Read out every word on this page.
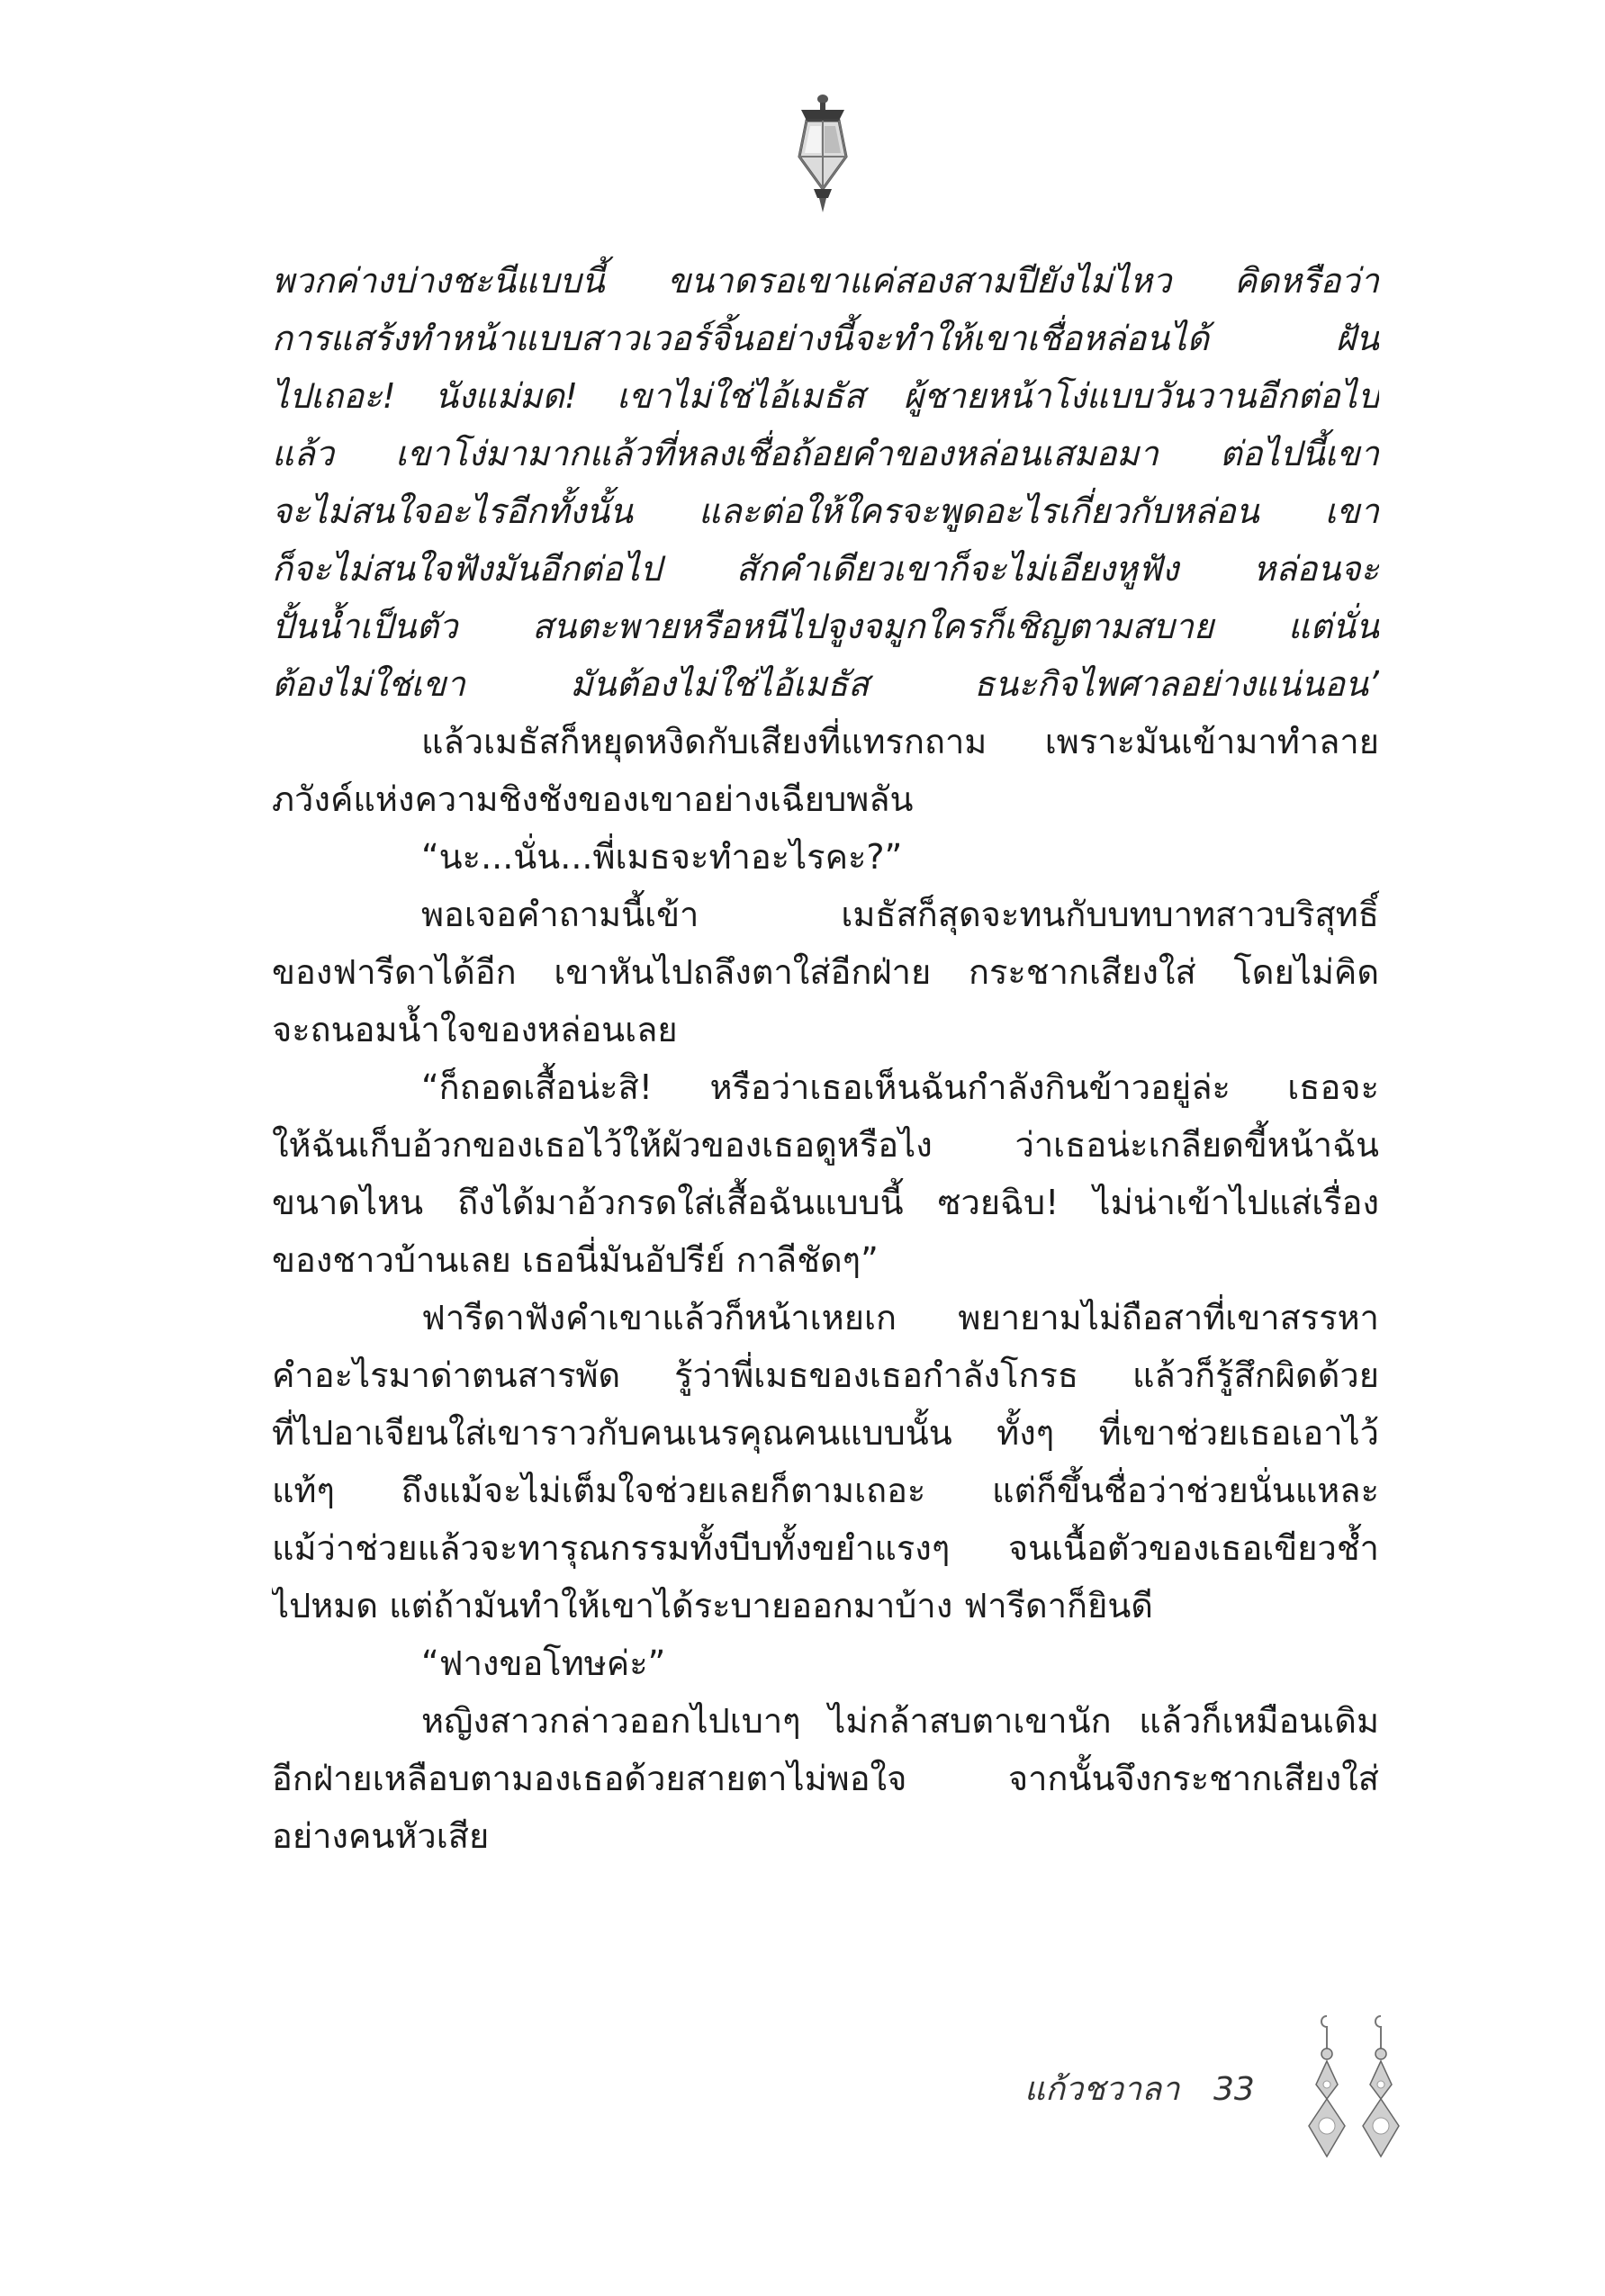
พวกค่างบ่างชะนีแบบนี้ ขนาดรอเขาแค่สองสามปียังไม่ไหว คิดหรือว่า
การแสร้งทำหน้าแบบสาวเวอร์จิ้นอย่างนี้จะทำให้เขาเชื่อหล่อนได้ ฝัน
ไปเถอะ! นังแม่มด! เขาไม่ใช่ไอ้เมธัส ผู้ชายหน้าโง่แบบวันวานอีกต่อไป
แล้ว เขาโง่มามากแล้วที่หลงเชื่อถ้อยคำของหล่อนเสมอมา ต่อไปนี้เขา
จะไม่สนใจอะไรอีกทั้งนั้น และต่อให้ใครจะพูดอะไรเกี่ยวกับหล่อน เขา
ก็จะไม่สนใจฟังมันอีกต่อไป สักคำเดียวเขาก็จะไม่เอียงหูฟัง หล่อนจะ
ปั้นน้ำเป็นตัว สนตะพายหรือหนีไปจูงจมูกใครก็เชิญตามสบาย แต่นั่น
ต้องไม่ใช่เขา มันต้องไม่ใช่ไอ้เมธัส ธนะกิจไพศาลอย่างแน่นอน’
แล้วเมธัสก็หยุดหงิดกับเสียงที่แทรกถาม เพราะมันเข้ามาทำลาย
ภวังค์แห่งความชิงชังของเขาอย่างเฉียบพลัน
“นะ...นั่น...พี่เมธจะทำอะไรคะ?”
พอเจอคำถามนี้เข้า เมธัสก็สุดจะทนกับบทบาทสาวบริสุทธิ์
ของฟารีดาได้อีก เขาหันไปถลึงตาใส่อีกฝ่าย กระชากเสียงใส่ โดยไม่คิด
จะถนอมน้ำใจของหล่อนเลย
“ก็ถอดเสื้อน่ะสิ! หรือว่าเธอเห็นฉันกำลังกินข้าวอยู่ล่ะ เธอจะ
ให้ฉันเก็บอ้วกของเธอไว้ให้ผัวของเธอดูหรือไง ว่าเธอน่ะเกลียดขี้หน้าฉัน
ขนาดไหน ถึงได้มาอ้วกรดใส่เสื้อฉันแบบนี้ ซวยฉิบ! ไม่น่าเข้าไปแส่เรื่อง
ของชาวบ้านเลย เธอนี่มันอัปรีย์ กาลีชัดๆ”
ฟารีดาฟังคำเขาแล้วก็หน้าเหยเก พยายามไม่ถือสาที่เขาสรรหา
คำอะไรมาด่าตนสารพัด รู้ว่าพี่เมธของเธอกำลังโกรธ แล้วก็รู้สึกผิดด้วย
ที่ไปอาเจียนใส่เขาราวกับคนเนรคุณคนแบบนั้น ทั้งๆ ที่เขาช่วยเธอเอาไว้
แท้ๆ ถึงแม้จะไม่เต็มใจช่วยเลยก็ตามเถอะ แต่ก็ขึ้นชื่อว่าช่วยนั่นแหละ
แม้ว่าช่วยแล้วจะทารุณกรรมทั้งบีบทั้งขยำแรงๆ จนเนื้อตัวของเธอเขียวช้ำ
ไปหมด แต่ถ้ามันทำให้เขาได้ระบายออกมาบ้าง ฟารีดาก็ยินดี
“ฟางขอโทษค่ะ”
หญิงสาวกล่าวออกไปเบาๆ ไม่กล้าสบตาเขานัก แล้วก็เหมือนเดิม
อีกฝ่ายเหลือบตามองเธอด้วยสายตาไม่พอใจ จากนั้นจึงกระชากเสียงใส่
อย่างคนหัวเสีย
แก้วชวาลา 33
